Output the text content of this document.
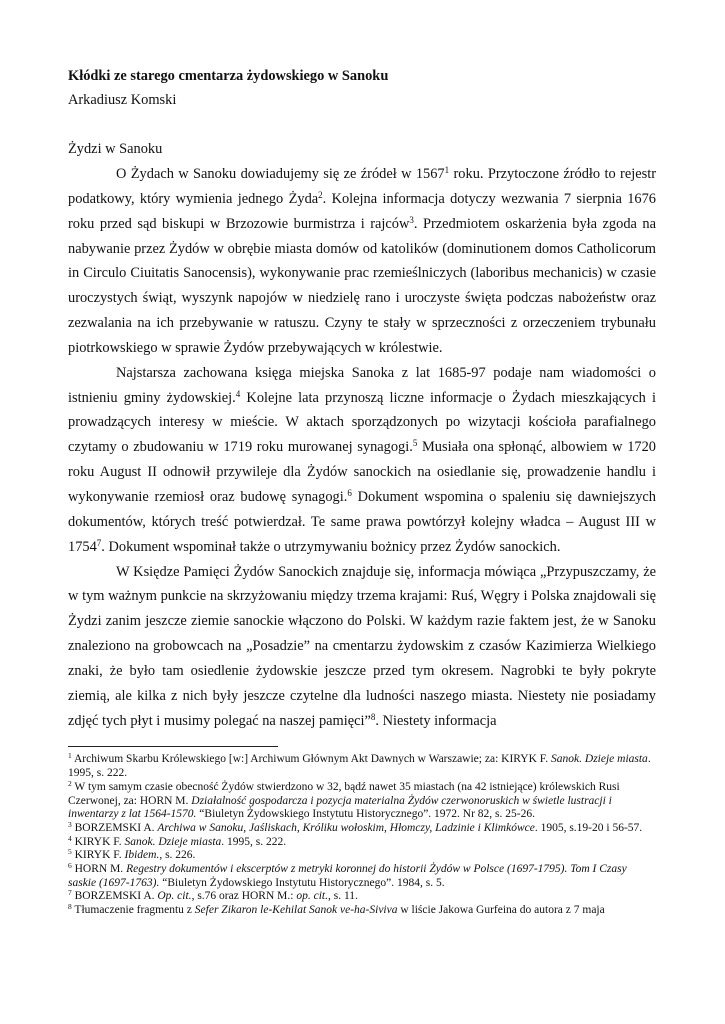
Kłódki ze starego cmentarza żydowskiego w Sanoku

Arkadiusz Komski

Żydzi w Sanoku

O Żydach w Sanoku dowiadujemy się ze źródeł w 1567$^1$ roku. Przytoczone źródło to rejestr podatkowy, który wymienia jednego Żyda$^2$. Kolejna informacja dotyczy wezwania 7 sierpnia 1676 roku przed sąd biskupi w Brzozowie burmistrza i rajców$^3$. Przedmiotem oskarżenia była zgoda na nabywanie przez Żydów w obrębie miasta domów od katolików (dominutionem domos Catholicorum in Circulo Ciuitatis Sanocensis), wykonywanie prac rzemieślniczych (laboribus mechanicis) w czasie uroczystych świąt, wyszynk napojów w niedzielę rano i uroczyste święta podczas nabożeństw oraz zezwalania na ich przebywanie w ratuszu. Czyny te stały w sprzeczności z orzeczeniem trybunału piotrkowskiego w sprawie Żydów przebywających w królestwie.

Najstarsza zachowana księga miejska Sanoka z lat 1685-97 podaje nam wiadomości o istnieniu gminy żydowskiej.$^4$ Kolejne lata przynoszą liczne informacje o Żydach mieszkających i prowadzących interesy w mieście. W aktach sporządzonych po wizytacji kościoła parafialnego czytamy o zbudowaniu w 1719 roku murowanej synagogi.$^5$ Musiała ona spłonąć, albowiem w 1720 roku August II odnowił przywileje dla Żydów sanockich na osiedlanie się, prowadzenie handlu i wykonywanie rzemiosł oraz budowę synagogi.$^6$ Dokument wspomina o spaleniu się dawniejszych dokumentów, których treść potwierdzał. Te same prawa powtórzył kolejny władca – August III w 1754$^7$. Dokument wspominał także o utrzymywaniu bożnicy przez Żydów sanockich.

W Księdze Pamięci Żydów Sanockich znajduje się, informacja mówiąca „Przypuszczamy, że w tym ważnym punkcie na skrzyżowaniu między trzema krajami: Ruś, Węgry i Polska znajdowali się Żydzi zanim jeszcze ziemie sanockie włączono do Polski. W każdym razie faktem jest, że w Sanoku znaleziono na grobowcach na „Posadzie” na cmentarzu żydowskim z czasów Kazimierza Wielkiego znaki, że było tam osiedlenie żydowskie jeszcze przed tym okresem. Nagrobki te były pokryte ziemią, ale kilka z nich były jeszcze czytelne dla ludności naszego miasta. Niestety nie posiadamy zdjęć tych płyt i musimy polegać na naszej pamięci”$^8$. Niestety informacja

$^1$ Archiwum Skarbu Królewskiego [w:] Archiwum Głównym Akt Dawnych w Warszawie; za: KIRYK F. Sanok. Dzieje miasta. 1995, s. 222.

$^2$ W tym samym czasie obecność Żydów stwierdzono w 32, bądź nawet 35 miastach (na 42 istniejące) królewskich Rusi Czerwonej, za: HORN M. Działalność gospodarcza i pozycja materialna Żydów czerwonoruskich w świetle lustracji i inwentarzy z lat 1564-1570. “Biuletyn Żydowskiego Instytutu Historycznego”. 1972. Nr 82, s. 25-26.

$^3$ BORZEMSKI A. Archiwa w Sanoku, Jaśliskach, Króliku wołoskim, Hłomczy, Ladzinie i Klimkówce. 1905, s.19-20 i 56-57.

$^4$ KIRYK F. Sanok. Dzieje miasta. 1995, s. 222.

$^5$ KIRYK F. Ibidem., s. 226.

$^6$ HORN M. Regestry dokumentów i ekscerptów z metryki koronnej do historii Żydów w Polsce (1697-1795). Tom I Czasy saskie (1697-1763). “Biuletyn Żydowskiego Instytutu Historycznego”. 1984, s. 5.

$^7$ BORZEMSKI A. Op. cit., s.76 oraz HORN M.: op. cit., s. 11.

$^8$ Tłumaczenie fragmentu z Sefer Zikaron le-Kehilat Sanok ve-ha-Siviva w liście Jakowa Gurfeina do autora z 7 maja
